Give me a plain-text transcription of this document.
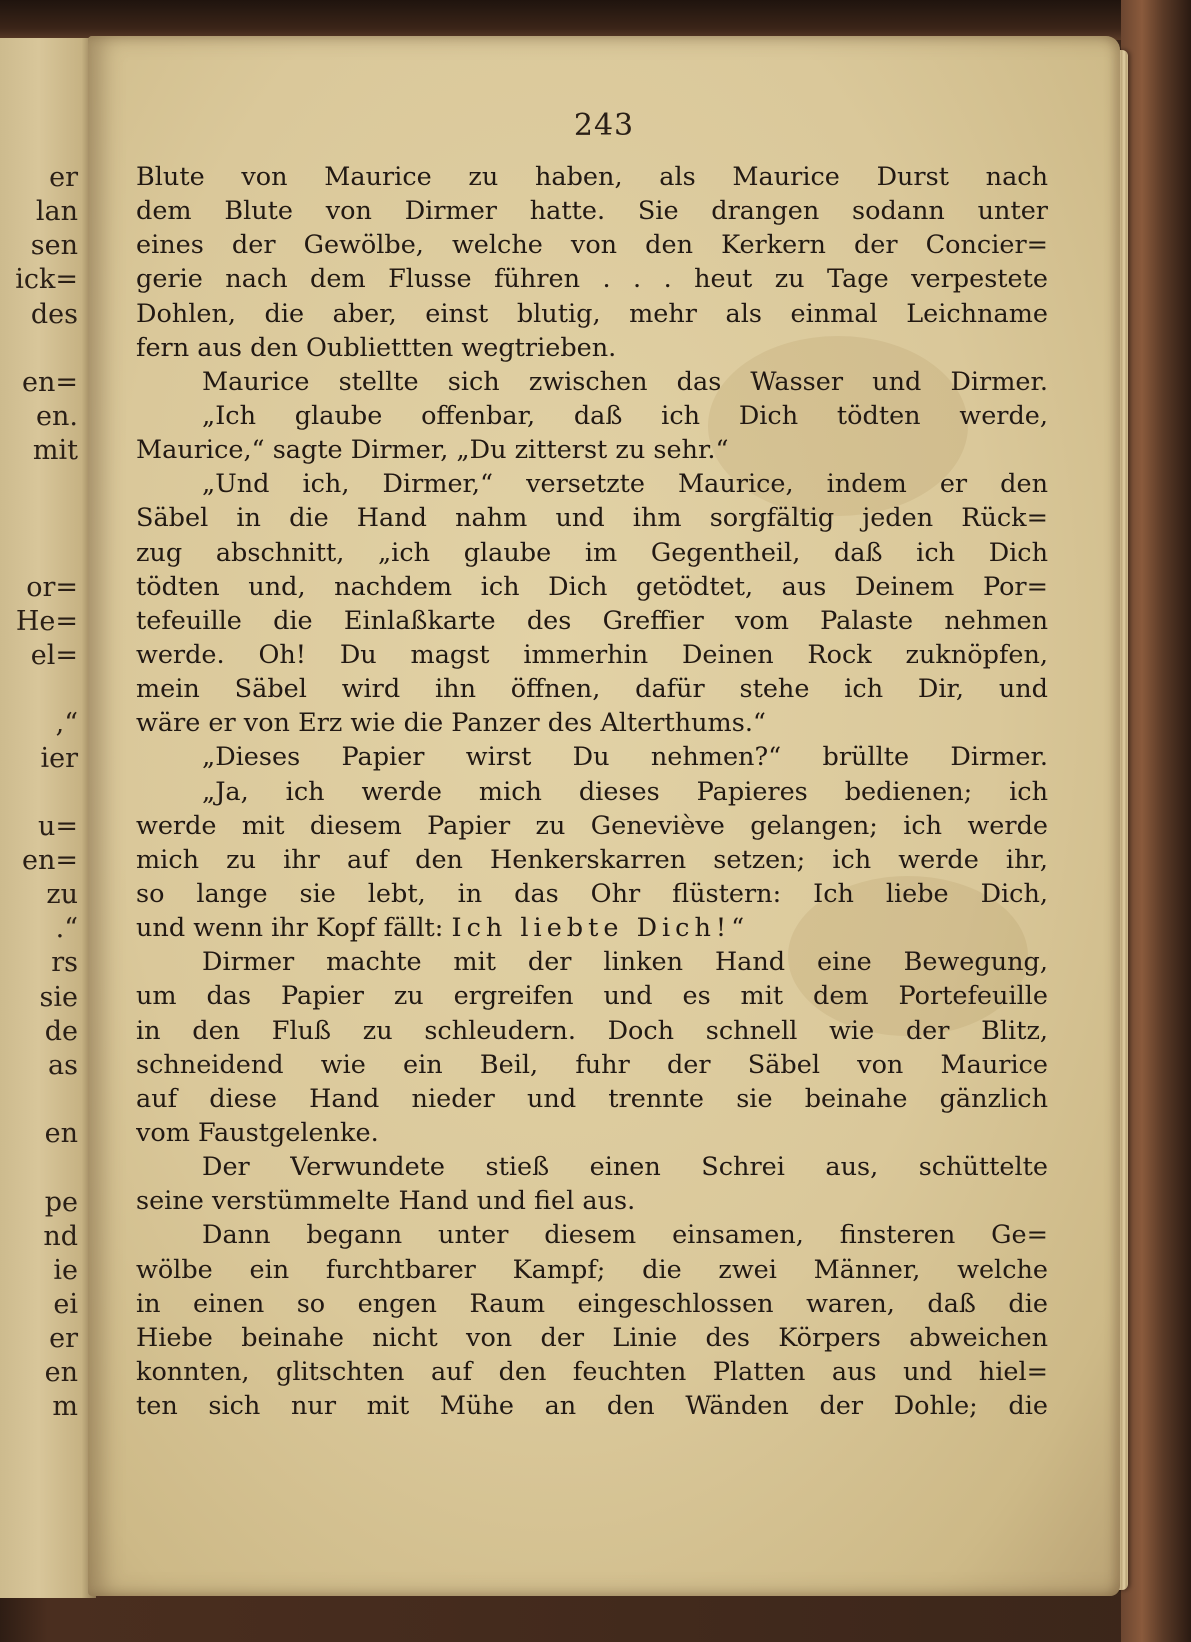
er
lan
sen
ick=
des
en=
en.
mit
or=
He=
el=
,“
ier
u=
en=
zu
.“
rs
sie
de
as
en
pe
nd
ie
ei
er
en
m
243
Blute von Maurice zu haben, als Maurice Durst nach
dem Blute von Dirmer hatte. Sie drangen sodann unter
eines der Gewölbe, welche von den Kerkern der Concier=
gerie nach dem Flusse führen . . . heut zu Tage verpestete
Dohlen, die aber, einst blutig, mehr als einmal Leichname
fern aus den Oubliettten wegtrieben.
Maurice stellte sich zwischen das Wasser und Dirmer.
„Ich glaube offenbar, daß ich Dich tödten werde,
Maurice,“ sagte Dirmer, „Du zitterst zu sehr.“
„Und ich, Dirmer,“ versetzte Maurice, indem er den
Säbel in die Hand nahm und ihm sorgfältig jeden Rück=
zug abschnitt, „ich glaube im Gegentheil, daß ich Dich
tödten und, nachdem ich Dich getödtet, aus Deinem Por=
tefeuille die Einlaßkarte des Greffier vom Palaste nehmen
werde. Oh! Du magst immerhin Deinen Rock zuknöpfen,
mein Säbel wird ihn öffnen, dafür stehe ich Dir, und
wäre er von Erz wie die Panzer des Alterthums.“
„Dieses Papier wirst Du nehmen?“ brüllte Dirmer.
„Ja, ich werde mich dieses Papieres bedienen; ich
werde mit diesem Papier zu Geneviève gelangen; ich werde
mich zu ihr auf den Henkerskarren setzen; ich werde ihr,
so lange sie lebt, in das Ohr flüstern: Ich liebe Dich,
und wenn ihr Kopf fällt: Ich liebte Dich!“
Dirmer machte mit der linken Hand eine Bewegung,
um das Papier zu ergreifen und es mit dem Portefeuille
in den Fluß zu schleudern. Doch schnell wie der Blitz,
schneidend wie ein Beil, fuhr der Säbel von Maurice
auf diese Hand nieder und trennte sie beinahe gänzlich
vom Faustgelenke.
Der Verwundete stieß einen Schrei aus, schüttelte
seine verstümmelte Hand und fiel aus.
Dann begann unter diesem einsamen, finsteren Ge=
wölbe ein furchtbarer Kampf; die zwei Männer, welche
in einen so engen Raum eingeschlossen waren, daß die
Hiebe beinahe nicht von der Linie des Körpers abweichen
konnten, glitschten auf den feuchten Platten aus und hiel=
ten sich nur mit Mühe an den Wänden der Dohle; die
